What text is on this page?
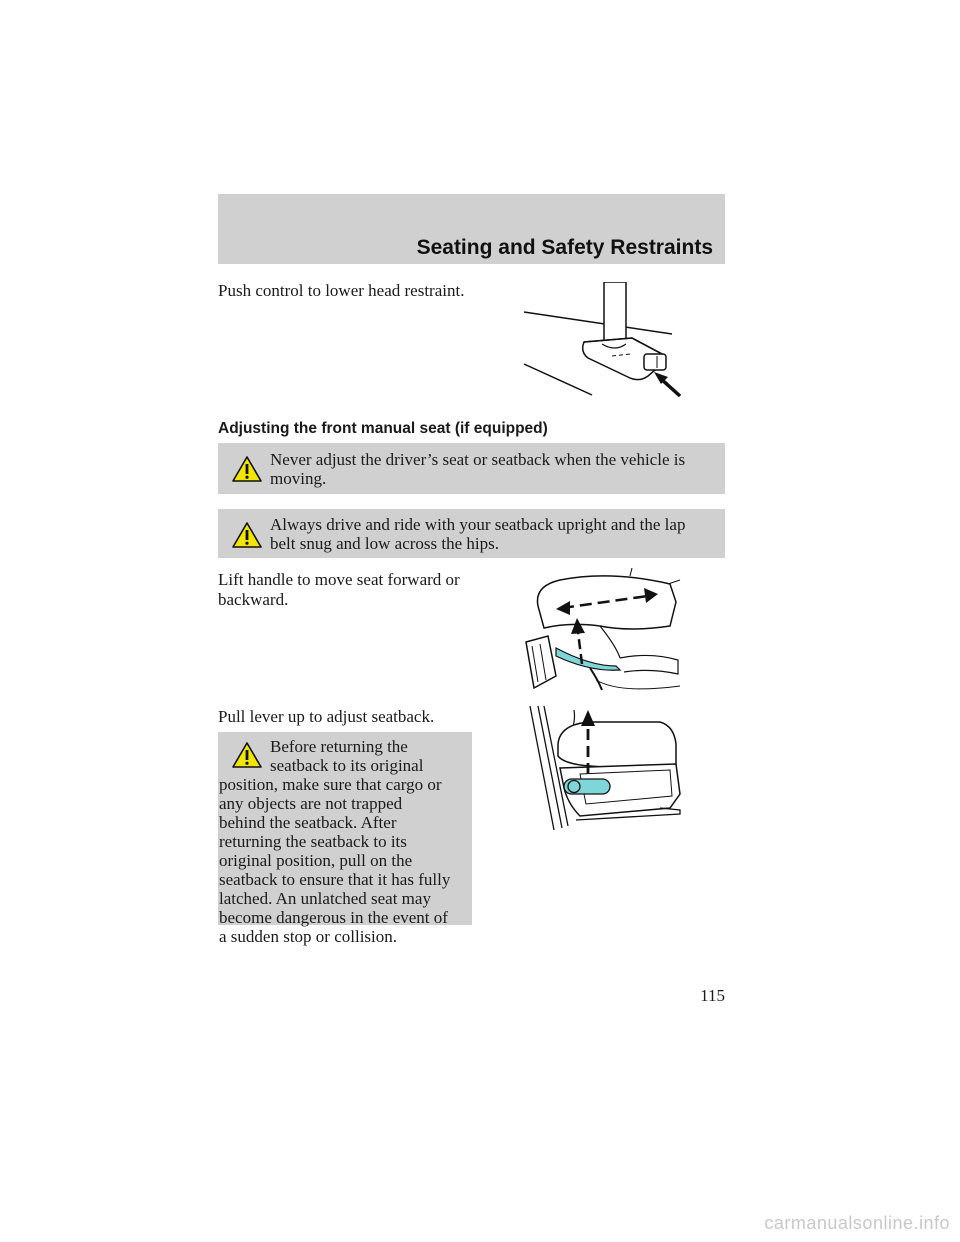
Seating and Safety Restraints
Push control to lower head restraint.
Adjusting the front manual seat (if equipped)
Never adjust the driver’s seat or seatback when the vehicle is
moving.
Always drive and ride with your seatback upright and the lap
belt snug and low across the hips.
Lift handle to move seat forward or
backward.
Pull lever up to adjust seatback.
Before returning the
seatback to its original
position, make sure that cargo or
any objects are not trapped
behind the seatback. After
returning the seatback to its
original position, pull on the
seatback to ensure that it has fully
latched. An unlatched seat may
become dangerous in the event of
a sudden stop or collision.
115
carmanualsonline.info
